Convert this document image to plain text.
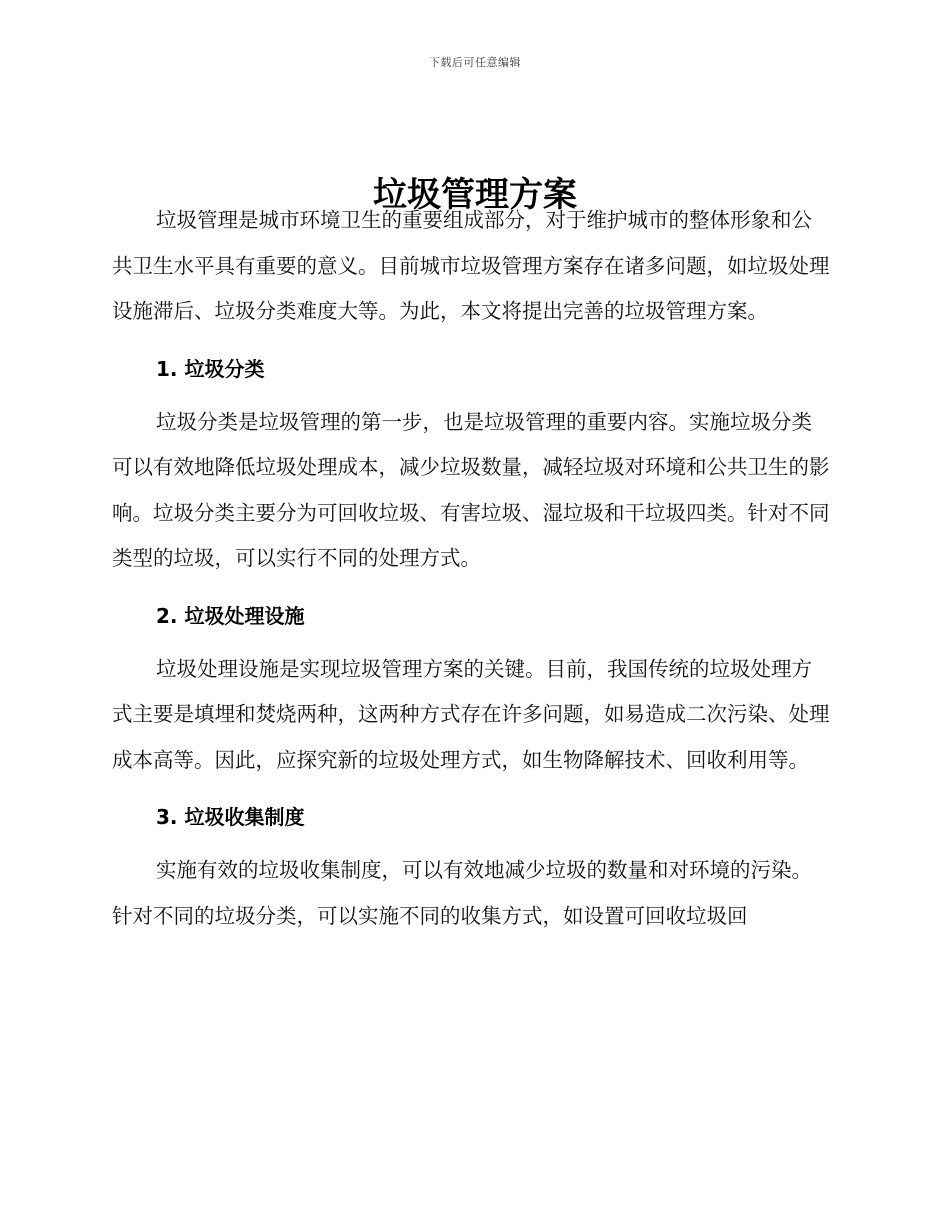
下载后可任意编辑
垃圾管理方案

垃圾管理是城市环境卫生的重要组成部分，对于维护城市的整体形象和公共卫生水平具有重要的意义。目前城市垃圾管理方案存在诸多问题，如垃圾处理设施滞后、垃圾分类难度大等。为此，本文将提出完善的垃圾管理方案。

1. 垃圾分类

垃圾分类是垃圾管理的第一步，也是垃圾管理的重要内容。实施垃圾分类可以有效地降低垃圾处理成本，减少垃圾数量，减轻垃圾对环境和公共卫生的影响。垃圾分类主要分为可回收垃圾、有害垃圾、湿垃圾和干垃圾四类。针对不同类型的垃圾，可以实行不同的处理方式。

2. 垃圾处理设施

垃圾处理设施是实现垃圾管理方案的关键。目前，我国传统的垃圾处理方式主要是填埋和焚烧两种，这两种方式存在许多问题，如易造成二次污染、处理成本高等。因此，应探究新的垃圾处理方式，如生物降解技术、回收利用等。

3. 垃圾收集制度

实施有效的垃圾收集制度，可以有效地减少垃圾的数量和对环境的污染。针对不同的垃圾分类，可以实施不同的收集方式，如设置可回收垃圾回
